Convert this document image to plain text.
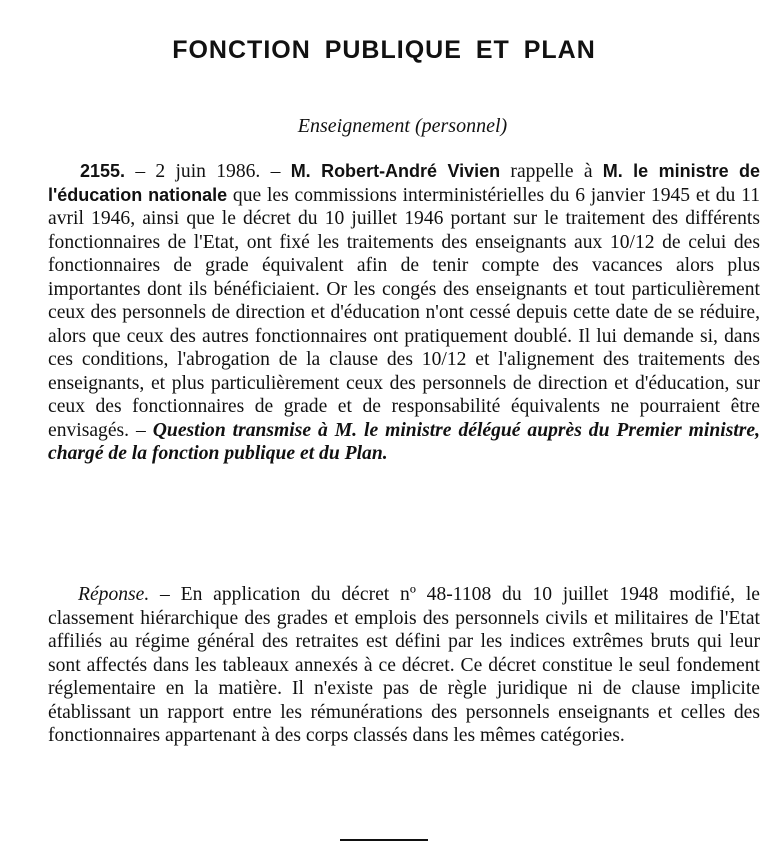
FONCTION PUBLIQUE ET PLAN
Enseignement (personnel)

2155. – 2 juin 1986. – M. Robert-André Vivien rappelle à M. le ministre de l'éducation nationale que les commissions interministérielles du 6 janvier 1945 et du 11 avril 1946, ainsi que le décret du 10 juillet 1946 portant sur le traitement des différents fonctionnaires de l'Etat, ont fixé les traitements des enseignants aux 10/12 de celui des fonctionnaires de grade équivalent afin de tenir compte des vacances alors plus importantes dont ils bénéficiaient. Or les congés des enseignants et tout particulièrement ceux des personnels de direction et d'éducation n'ont cessé depuis cette date de se réduire, alors que ceux des autres fonctionnaires ont pratiquement doublé. Il lui demande si, dans ces conditions, l'abrogation de la clause des 10/12 et l'alignement des traitements des enseignants, et plus particulièrement ceux des personnels de direction et d'éducation, sur ceux des fonctionnaires de grade et de responsabilité équivalents ne pourraient être envisagés. – Question transmise à M. le ministre délégué auprès du Premier ministre, chargé de la fonction publique et du Plan.

Réponse. – En application du décret nº 48-1108 du 10 juillet 1948 modifié, le classement hiérarchique des grades et emplois des personnels civils et militaires de l'Etat affiliés au régime général des retraites est défini par les indices extrêmes bruts qui leur sont affectés dans les tableaux annexés à ce décret. Ce décret constitue le seul fondement réglementaire en la matière. Il n'existe pas de règle juridique ni de clause implicite établissant un rapport entre les rémunérations des personnels enseignants et celles des fonctionnaires appartenant à des corps classés dans les mêmes catégories.
